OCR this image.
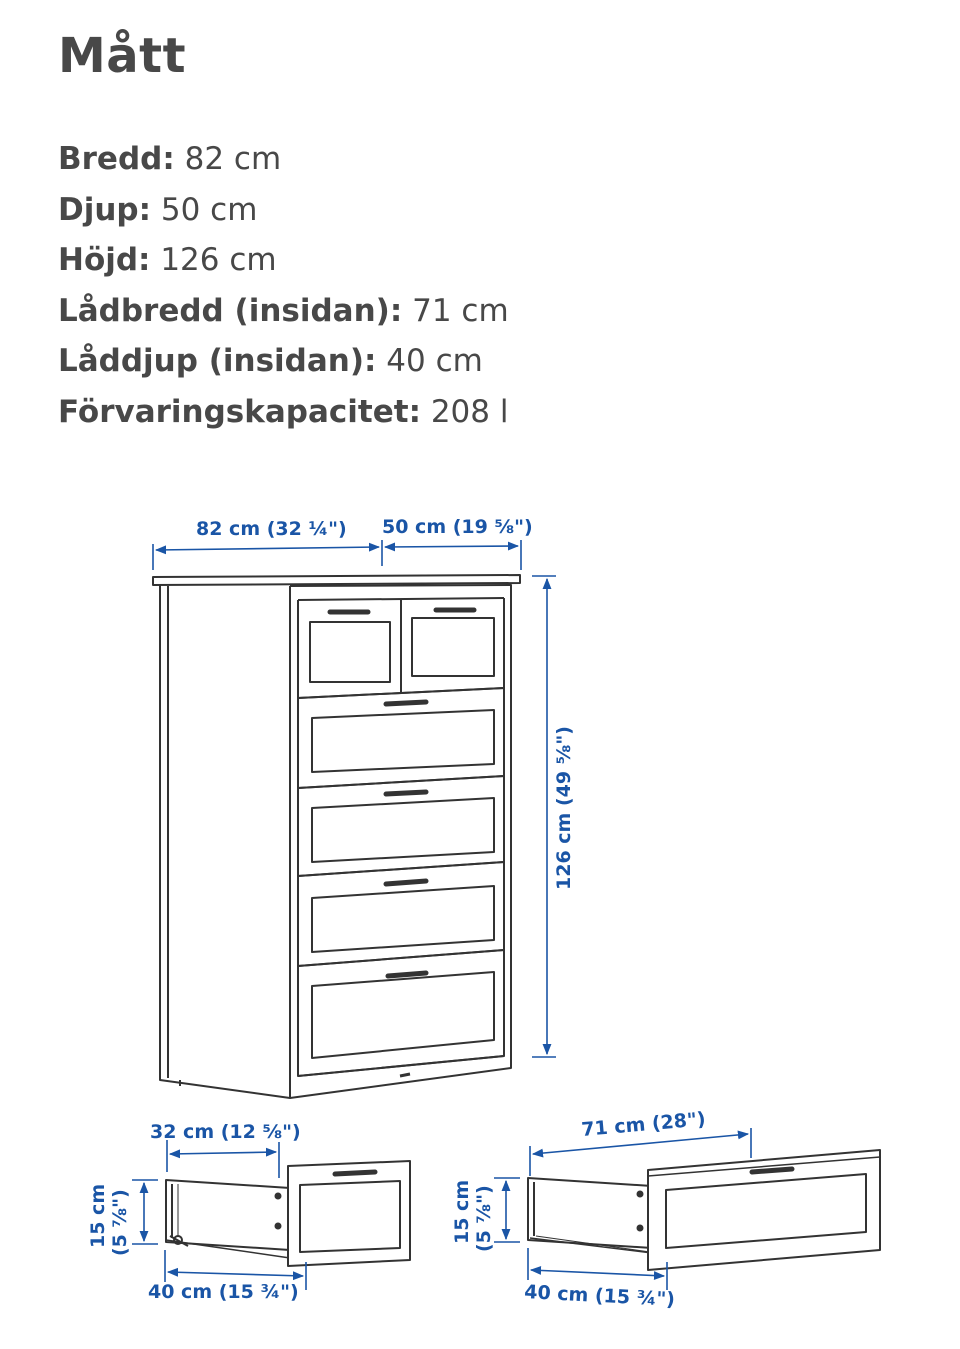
Mått
Bredd: 82 cm
Djup: 50 cm
Höjd: 126 cm
Lådbredd (insidan): 71 cm
Låddjup (insidan): 40 cm
Förvaringskapacitet: 208 l
82 cm (32 ¼") 50 cm (19 ⅝")
126 cm (49 ⅝")
32 cm (12 ⅝")
15 cm (5 ⅞")
40 cm (15 ¾")
71 cm (28")
15 cm (5 ⅞")
40 cm (15 ¾")
